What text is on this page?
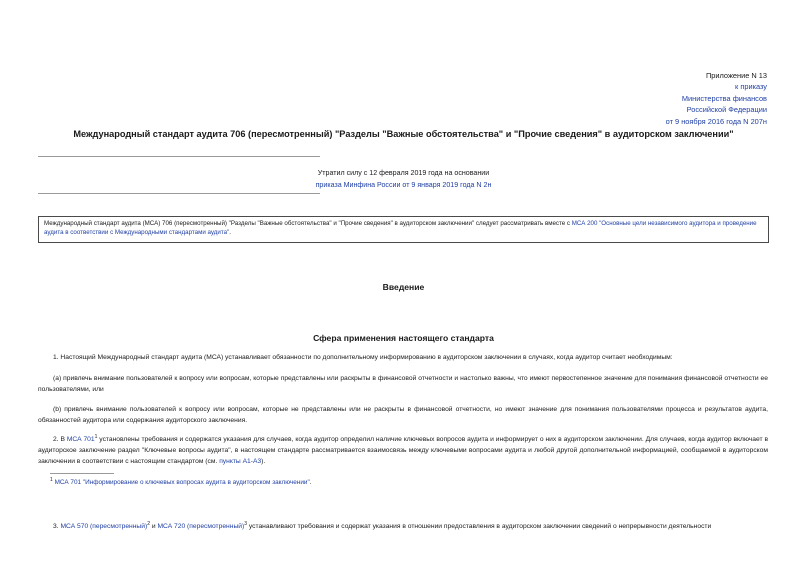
Приложение N 13
к приказу
Министерства финансов
Российской Федерации
от 9 ноября 2016 года N 207н
Международный стандарт аудита 706 (пересмотренный) "Разделы "Важные обстоятельства" и "Прочие сведения" в аудиторском заключении"
Утратил силу с 12 февраля 2019 года на основании
приказа Минфина России от 9 января 2019 года N 2н
Международный стандарт аудита (МСА) 706 (пересмотренный) "Разделы "Важные обстоятельства" и "Прочие сведения" в аудиторском заключении" следует рассматривать вместе с МСА 200 "Основные цели независимого аудитора и проведение аудита в соответствии с Международными стандартами аудита".
Введение
Сфера применения настоящего стандарта
1. Настоящий Международный стандарт аудита (МСА) устанавливает обязанности по дополнительному информированию в аудиторском заключении в случаях, когда аудитор считает необходимым:
(a) привлечь внимание пользователей к вопросу или вопросам, которые представлены или раскрыты в финансовой отчетности и настолько важны, что имеют первостепенное значение для понимания финансовой отчетности ее пользователями, или
(b) привлечь внимание пользователей к вопросу или вопросам, которые не представлены или не раскрыты в финансовой отчетности, но имеют значение для понимания пользователями процесса и результатов аудита, обязанностей аудитора или содержания аудиторского заключения.
2. В МСА $701^1$ установлены требования и содержатся указания для случаев, когда аудитор определил наличие ключевых вопросов аудита и информирует о них в аудиторском заключении. Для случаев, когда аудитор включает в аудиторское заключение раздел "Ключевые вопросы аудита", в настоящем стандарте рассматривается взаимосвязь между ключевыми вопросами аудита и любой другой дополнительной информацией, сообщаемой в аудиторском заключении в соответствии с настоящим стандартом (см. пункты A1-A3).
$^1$ МСА 701 "Информирование о ключевых вопросах аудита в аудиторском заключении".
3. МСА 570 (пересмотренный)$^2$ и МСА 720 (пересмотренный)$^3$ устанавливают требования и содержат указания в отношении предоставления в аудиторском заключении сведений о непрерывности деятельности
